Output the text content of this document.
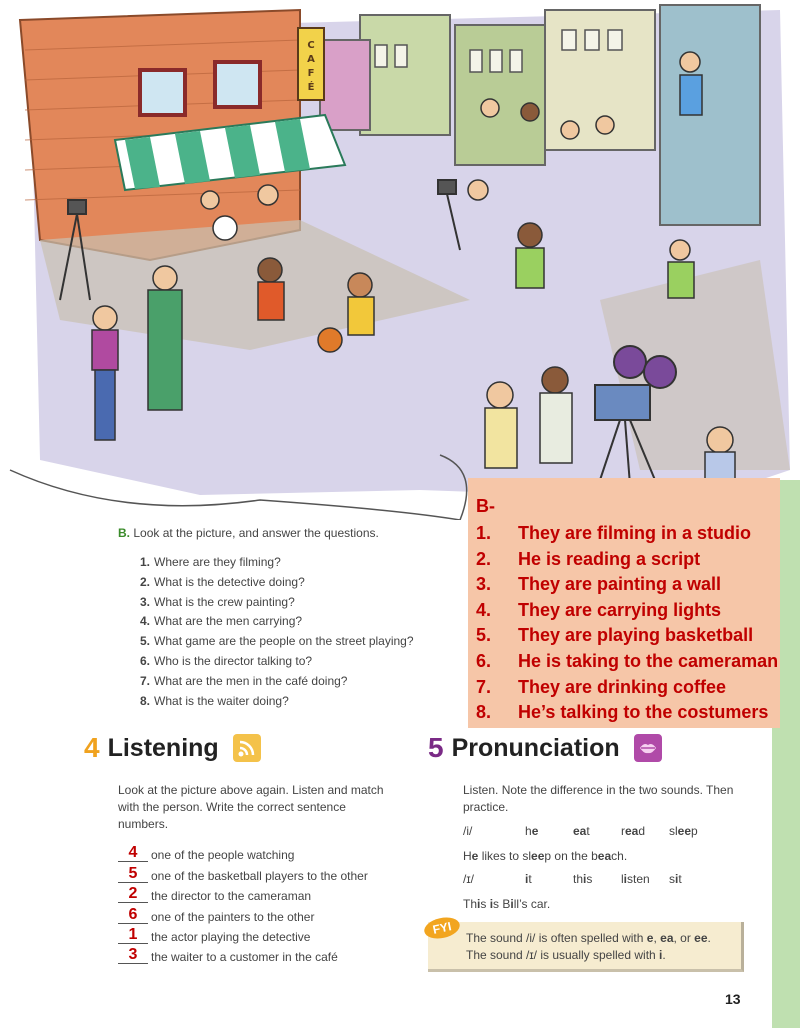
C
A
F
É
B-
1.	They are filming in a studio
2.	He is reading a script
3.	They are painting a wall
4.	They are carrying lights
5.	They are playing basketball
6.	He is taking to the cameraman
7.	They are drinking coffee
8.	He’s talking to the costumers
B. Look at the picture, and answer the questions.
1. Where are they filming?
2. What is the detective doing?
3. What is the crew painting?
4. What are the men carrying?
5. What game are the people on the street playing?
6. Who is the director talking to?
7. What are the men in the café doing?
8. What is the waiter doing?
4 Listening
Look at the picture above again. Listen and match with the person. Write the correct sentence numbers.
4	one of the people watching
5	one of the basketball players to the other
2	the director to the cameraman
6	one of the painters to the other
1	the actor playing the detective
3	the waiter to a customer in the café
5 Pronunciation
Listen. Note the difference in the two sounds. Then practice.
/i/	he	eat	read	sleep
He likes to sleep on the beach.
/ɪ/	it	this	listen	sit
This is Bill’s car.
FYI
The sound /i/ is often spelled with e, ea, or ee.
The sound /ɪ/ is usually spelled with i.
13
